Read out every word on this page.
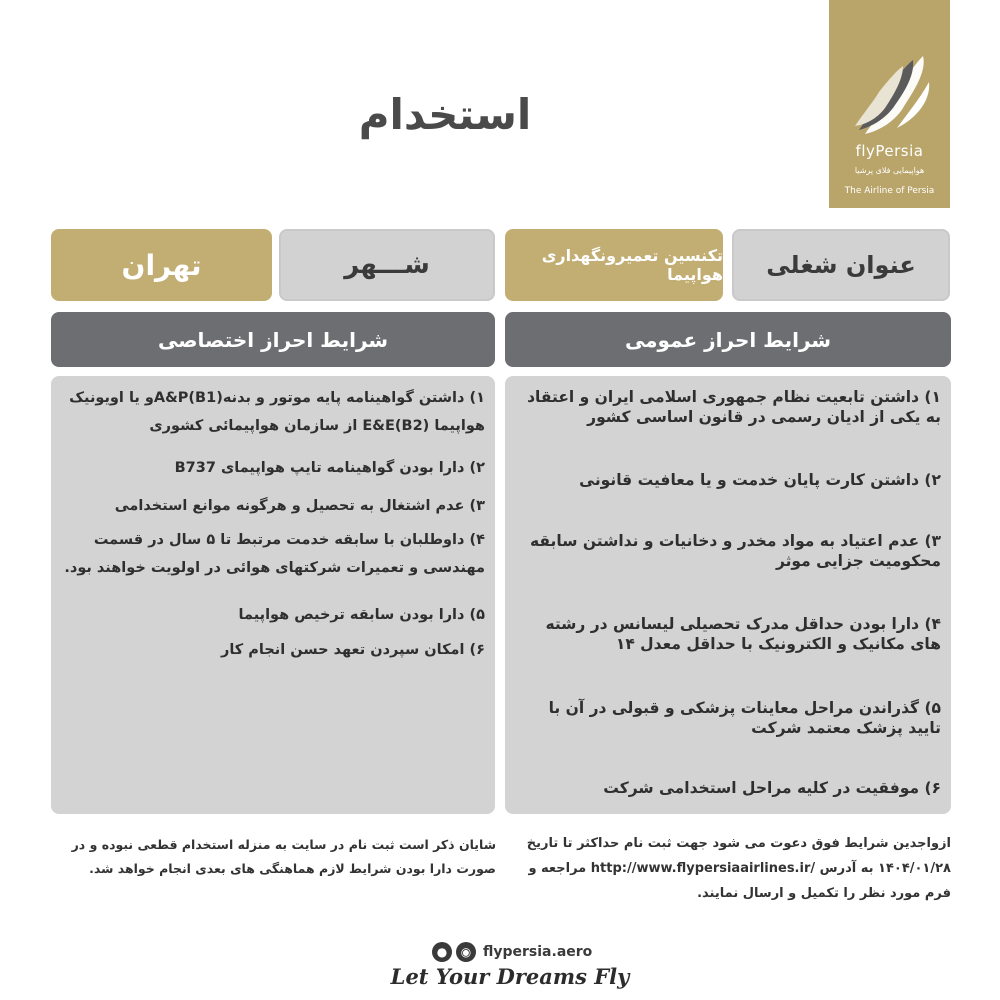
flyPersia
هواپیمایی فلای پرشیا
The Airline of Persia
استخدام
عنوان شغلی
تکنسین تعمیرونگهداری هواپیما
شـــهر
تهران
شرایط احراز عمومی
شرایط احراز اختصاصی
۱) داشتن تابعیت نظام جمهوری اسلامی ایران و اعتقاد به یکی از ادیان رسمی در قانون اساسی کشور
۲) داشتن کارت پایان خدمت و یا معافیت قانونی
۳) عدم اعتیاد به مواد مخدر و دخانیات و نداشتن سابقه محکومیت جزایی موثر
۴) دارا بودن حداقل مدرک تحصیلی لیسانس در رشته های مکانیک و الکترونیک با حداقل معدل ۱۴
۵) گذراندن مراحل معاینات پزشکی و قبولی در آن با تایید پزشک معتمد شرکت
۶) موفقیت در کلیه مراحل استخدامی شرکت
۱) داشتن گواهینامه پایه موتور و بدنه(B1)A&Pو یا اویونیک هواپیما (B2)E&E از سازمان هواپیمائی کشوری
۲) دارا بودن گواهینامه تایپ هواپیمای B737
۳) عدم اشتغال به تحصیل و هرگونه موانع استخدامی
۴) داوطلبان با سابقه خدمت مرتبط تا ۵ سال در قسمت مهندسی و تعمیرات شرکتهای هوائی در اولویت خواهند بود.
۵) دارا بودن سابقه ترخیص هواپیما
۶) امکان سپردن تعهد حسن انجام کار
ازواجدین شرایط فوق دعوت می شود جهت ثبت نام حداکثر تا تاریخ ۱۴۰۴/۰۱/۲۸ به آدرس /http://www.flypersiaairlines.ir مراجعه و فرم مورد نظر را تکمیل و ارسال نمایند.
شایان ذکر است ثبت نام در سایت به منزله استخدام قطعی نبوده و در صورت دارا بودن شرایط لازم هماهنگی های بعدی انجام خواهد شد.
●	◉ flypersia.aero
Let Your Dreams Fly
